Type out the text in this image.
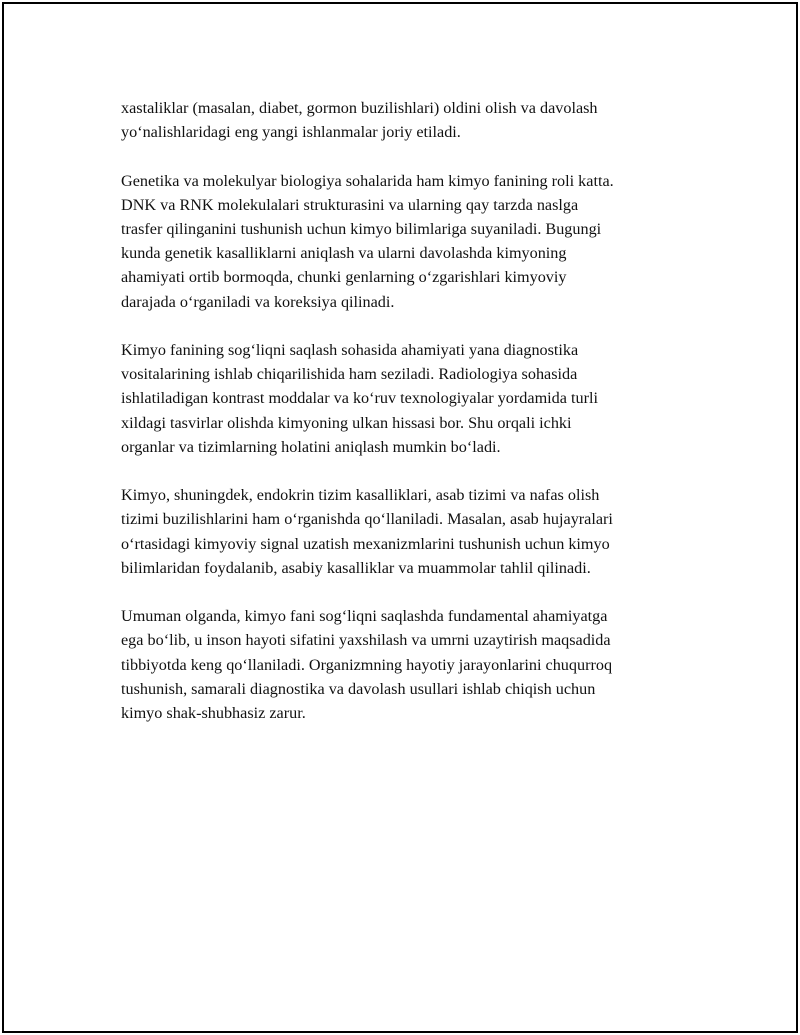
xastaliklar (masalan, diabet, gormon buzilishlari) oldini olish va davolash
yo‘nalishlaridagi eng yangi ishlanmalar joriy etiladi.

Genetika va molekulyar biologiya sohalarida ham kimyo fanining roli katta.
DNK va RNK molekulalari strukturasini va ularning qay tarzda naslga
trasfer qilinganini tushunish uchun kimyo bilimlariga suyaniladi. Bugungi
kunda genetik kasalliklarni aniqlash va ularni davolashda kimyoning
ahamiyati ortib bormoqda, chunki genlarning o‘zgarishlari kimyoviy
darajada o‘rganiladi va koreksiya qilinadi.

Kimyo fanining sog‘liqni saqlash sohasida ahamiyati yana diagnostika
vositalarining ishlab chiqarilishida ham seziladi. Radiologiya sohasida
ishlatiladigan kontrast moddalar va ko‘ruv texnologiyalar yordamida turli
xildagi tasvirlar olishda kimyoning ulkan hissasi bor. Shu orqali ichki
organlar va tizimlarning holatini aniqlash mumkin bo‘ladi.

Kimyo, shuningdek, endokrin tizim kasalliklari, asab tizimi va nafas olish
tizimi buzilishlarini ham o‘rganishda qo‘llaniladi. Masalan, asab hujayralari
o‘rtasidagi kimyoviy signal uzatish mexanizmlarini tushunish uchun kimyo
bilimlaridan foydalanib, asabiy kasalliklar va muammolar tahlil qilinadi.

Umuman olganda, kimyo fani sog‘liqni saqlashda fundamental ahamiyatga
ega bo‘lib, u inson hayoti sifatini yaxshilash va umrni uzaytirish maqsadida
tibbiyotda keng qo‘llaniladi. Organizmning hayotiy jarayonlarini chuqurroq
tushunish, samarali diagnostika va davolash usullari ishlab chiqish uchun
kimyo shak-shubhasiz zarur.
